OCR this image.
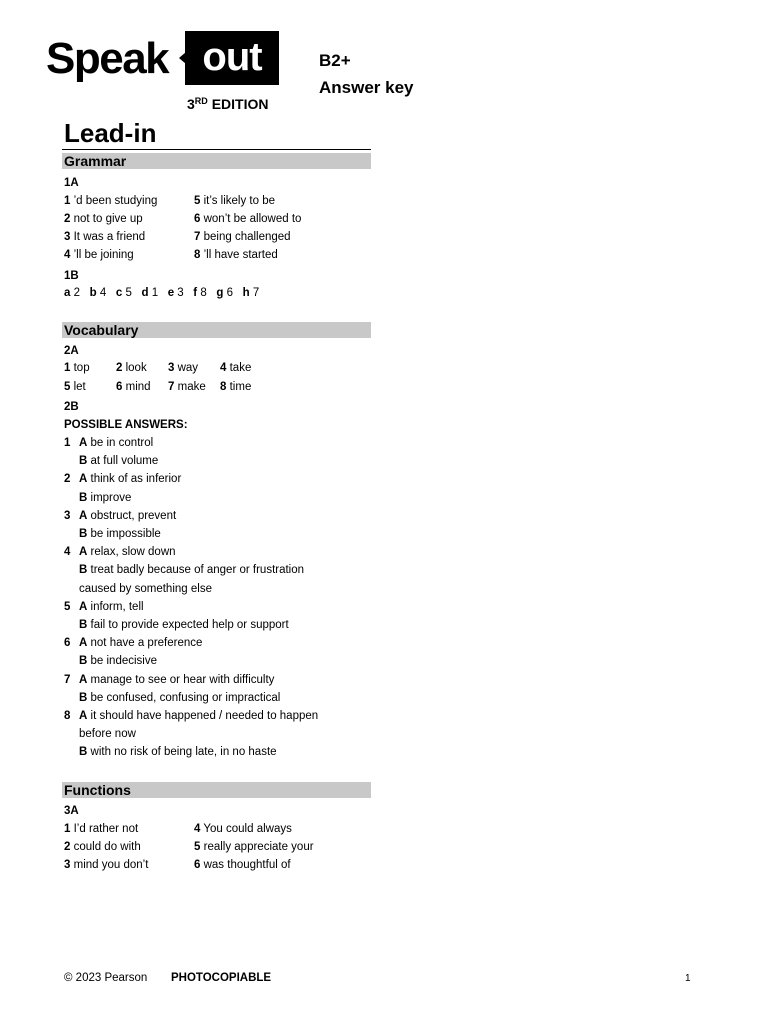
Speak out
3RD EDITION
B2+
Answer key
Lead-in
Grammar
1A
1 ’d been studying
2 not to give up
3 It was a friend
4 ’ll be joining
5 it’s likely to be
6 won’t be allowed to
7 being challenged
8 ’ll have started
1B
a 2 b 4 c 5 d 1 e 3 f 8 g 6 h 7
Vocabulary
2A
1 top 2 look 3 way 4 take
5 let	6 mind 7 make 8 time
2B
POSSIBLE ANSWERS:
1 A be in control
B at full volume
2 A think of as inferior
B improve
3 A obstruct, prevent
B be impossible
4 A relax, slow down
B treat badly because of anger or frustration
caused by something else
5 A inform, tell
B fail to provide expected help or support
6 A not have a preference
B be indecisive
7 A manage to see or hear with difficulty
B be confused, confusing or impractical
8 A it should have happened / needed to happen
before now
B with no risk of being late, in no haste
Functions
3A
1 I’d rather not
2 could do with
3 mind you don’t
4 You could always
5 really appreciate your
6 was thoughtful of
© 2023 Pearson PHOTOCOPIABLE	1
